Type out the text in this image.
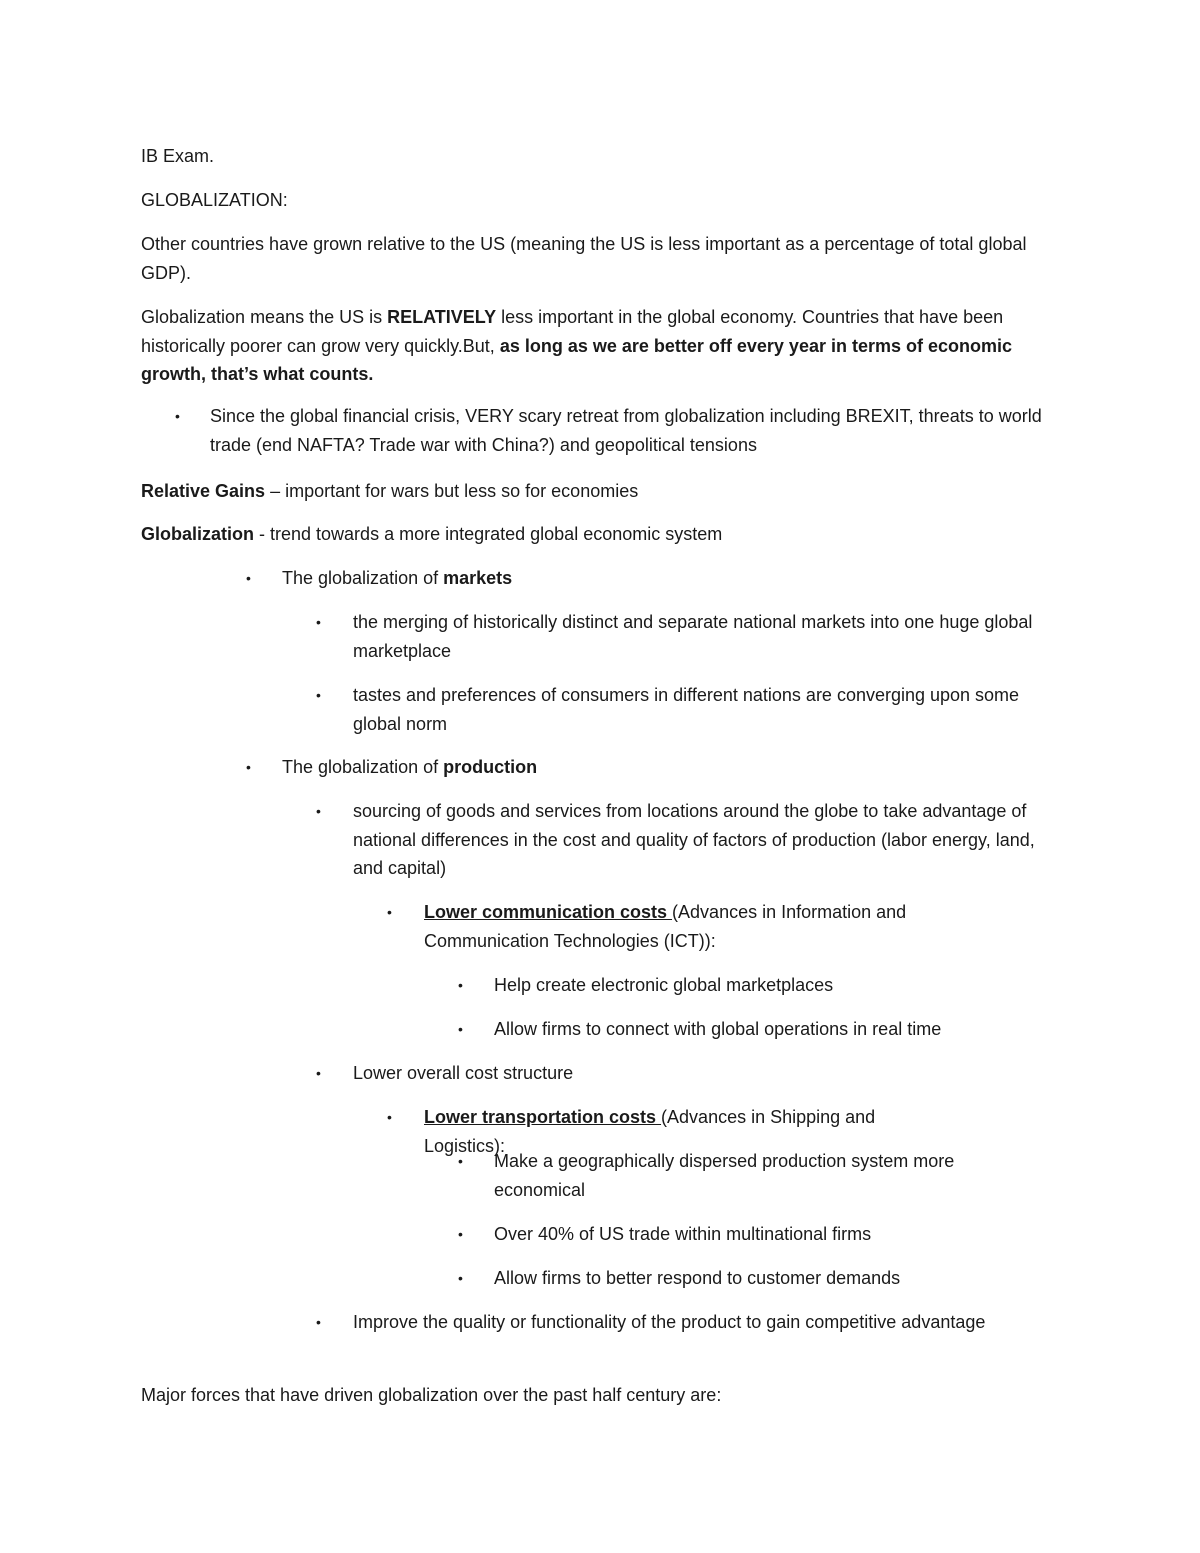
IB Exam.

GLOBALIZATION:

Other countries have grown relative to the US (meaning the US is less important as a percentage of total global GDP).

Globalization means the US is RELATIVELY less important in the global economy. Countries that have been historically poorer can grow very quickly.But, as long as we are better off every year in terms of economic growth, that’s what counts.

• Since the global financial crisis, VERY scary retreat from globalization including BREXIT, threats to world trade (end NAFTA? Trade war with China?) and geopolitical tensions

Relative Gains – important for wars but less so for economies

Globalization - trend towards a more integrated global economic system

• The globalization of markets
• the merging of historically distinct and separate national markets into one huge global marketplace
• tastes and preferences of consumers in different nations are converging upon some global norm
• The globalization of production
• sourcing of goods and services from locations around the globe to take advantage of national differences in the cost and quality of factors of production (labor energy, land, and capital)
• Lower communication costs (Advances in Information and Communication Technologies (ICT)):
• Help create electronic global marketplaces
• Allow firms to connect with global operations in real time
• Lower overall cost structure
• Lower transportation costs (Advances in Shipping and Logistics):
• Make a geographically dispersed production system more economical
• Over 40% of US trade within multinational firms
• Allow firms to better respond to customer demands
• Improve the quality or functionality of the product to gain competitive advantage

Major forces that have driven globalization over the past half century are:
